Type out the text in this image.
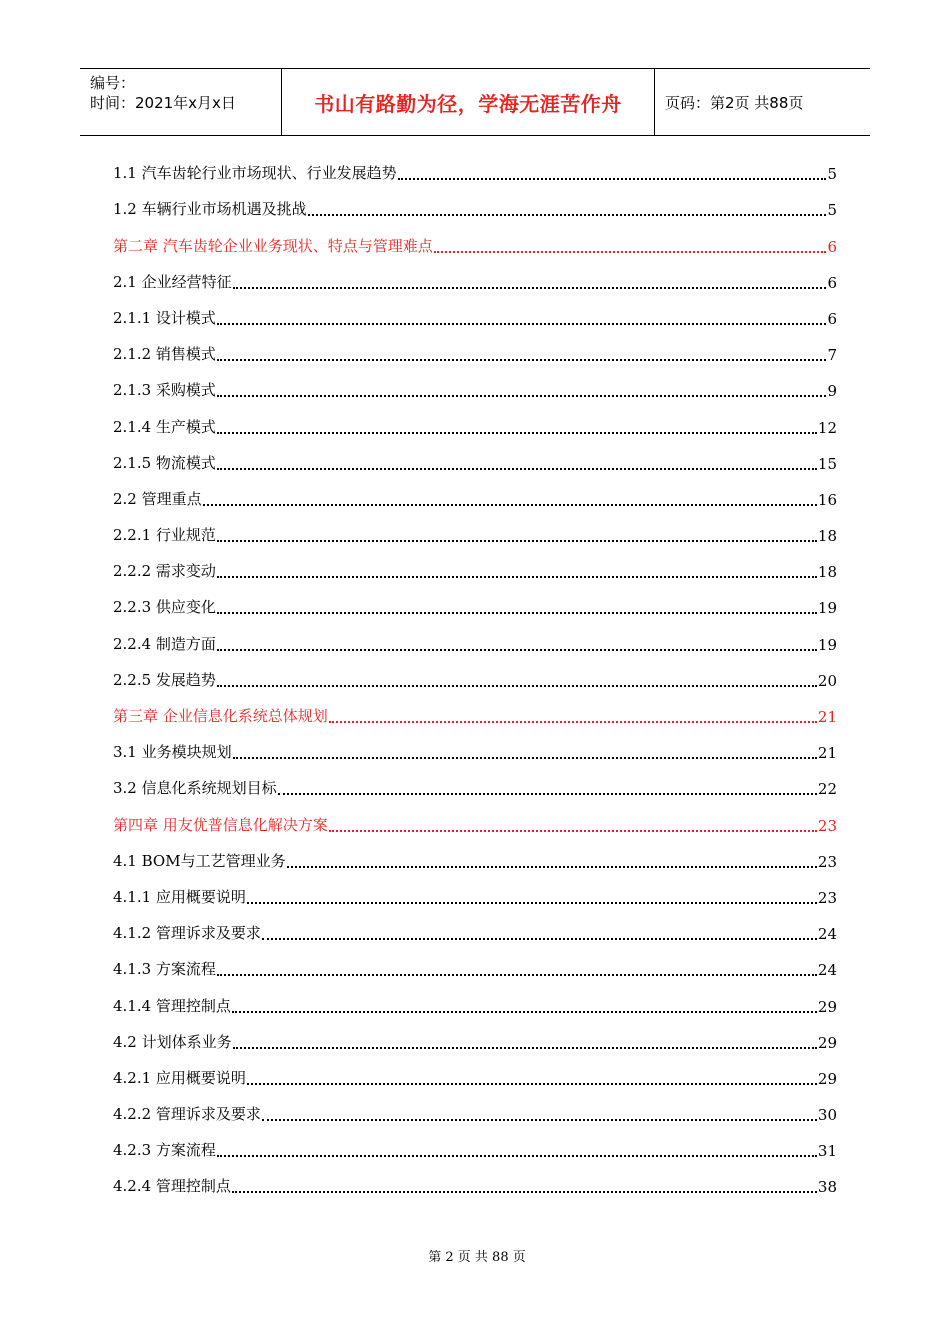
编号：
时间：2021年x月x日	书山有路勤为径，学海无涯苦作舟	页码：第2页 共88页
1.1 汽车齿轮行业市场现状、行业发展趋势	5
1.2 车辆行业市场机遇及挑战	5
第二章 汽车齿轮企业业务现状、特点与管理难点	6
2.1 企业经营特征	6
2.1.1 设计模式	6
2.1.2 销售模式	7
2.1.3 采购模式	9
2.1.4 生产模式	12
2.1.5 物流模式	15
2.2 管理重点	16
2.2.1 行业规范	18
2.2.2 需求变动	18
2.2.3 供应变化	19
2.2.4 制造方面	19
2.2.5 发展趋势	20
第三章 企业信息化系统总体规划	21
3.1 业务模块规划	21
3.2 信息化系统规划目标	22
第四章 用友优普信息化解决方案	23
4.1 BOM与工艺管理业务	23
4.1.1 应用概要说明	23
4.1.2 管理诉求及要求	24
4.1.3 方案流程	24
4.1.4 管理控制点	29
4.2 计划体系业务	29
4.2.1 应用概要说明	29
4.2.2 管理诉求及要求	30
4.2.3 方案流程	31
4.2.4 管理控制点	38
第 2 页 共 88 页
